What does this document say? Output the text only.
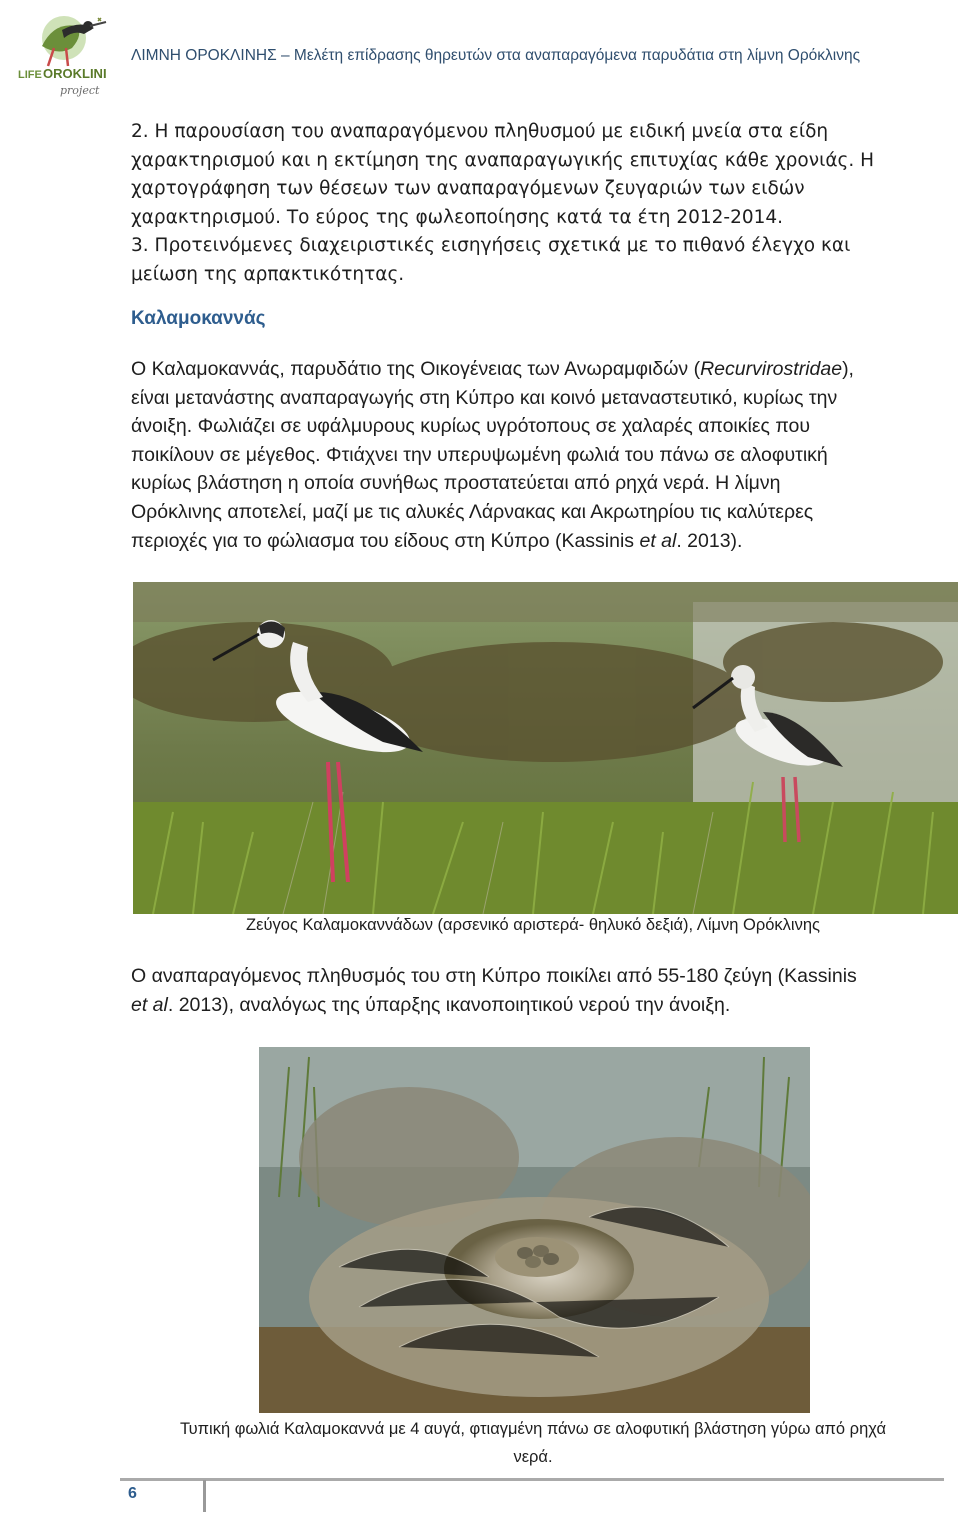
LIFE OROKLINI
project
ΛΙΜΝΗ ΟΡΟΚΛΙΝΗΣ – Μελέτη επίδρασης θηρευτών στα αναπαραγόμενα παρυδάτια στη λίμνη Ορόκλινης
2. Η παρουσίαση του αναπαραγόμενου πληθυσμού με ειδική μνεία στα είδη
χαρακτηρισμού και η εκτίμηση της αναπαραγωγικής επιτυχίας κάθε χρονιάς. Η
χαρτογράφηση των θέσεων των αναπαραγόμενων ζευγαριών των ειδών
χαρακτηρισμού. Το εύρος της φωλεοποίησης κατά τα έτη 2012-2014.
3. Προτεινόμενες διαχειριστικές εισηγήσεις σχετικά με το πιθανό έλεγχο και
μείωση της αρπακτικότητας.
Καλαμοκαννάς
Ο Καλαμοκαννάς, παρυδάτιο της Οικογένειας των Ανωραμφιδών (Recurvirostridae),
είναι μετανάστης αναπαραγωγής στη Κύπρο και κοινό μεταναστευτικό, κυρίως την
άνοιξη. Φωλιάζει σε υφάλμυρους κυρίως υγρότοπους σε χαλαρές αποικίες που
ποικίλουν σε μέγεθος. Φτιάχνει την υπερυψωμένη φωλιά του πάνω σε αλοφυτική
κυρίως βλάστηση η οποία συνήθως προστατεύεται από ρηχά νερά. Η λίμνη
Ορόκλινης αποτελεί, μαζί με τις αλυκές Λάρνακας και Ακρωτηρίου τις καλύτερες
περιοχές για το φώλιασμα του είδους στη Κύπρο (Kassinis et al. 2013).
Ζεύγος Καλαμοκαννάδων (αρσενικό αριστερά- θηλυκό δεξιά), Λίμνη Ορόκλινης
Ο αναπαραγόμενος πληθυσμός του στη Κύπρο ποικίλει από 55-180 ζεύγη (Kassinis
et al. 2013), αναλόγως της ύπαρξης ικανοποιητικού νερού την άνοιξη.
Τυπική φωλιά Καλαμοκαννά με 4 αυγά, φτιαγμένη πάνω σε αλοφυτική βλάστηση γύρω από ρηχά
νερά.
6
